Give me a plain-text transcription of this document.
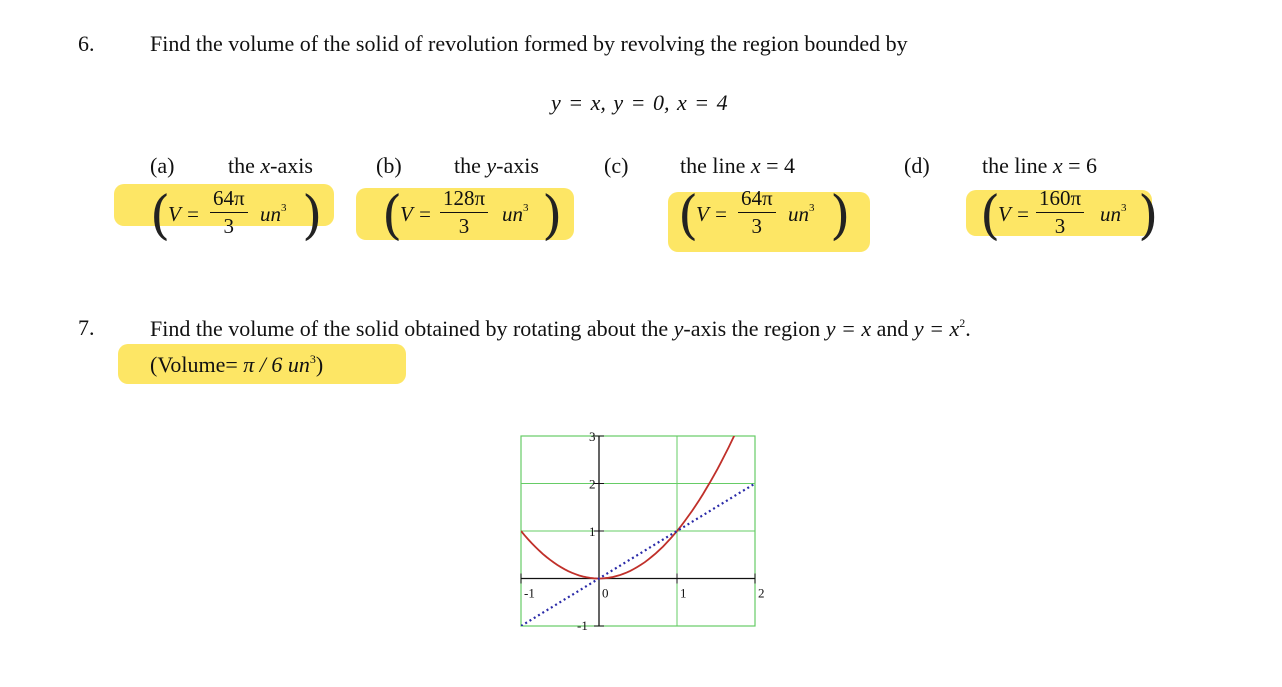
6.	Find the volume of the solid of revolution formed by revolving the region bounded by
y = x, y = 0, x = 4
(a) the x-axis	(b) the y-axis	(c) the line x = 4	(d) the line x = 6
(
$V = \frac{64\pi}{3} un^3$ ) (
$V = \frac{128\pi}{3} un^3$ ) (
$V = \frac{64\pi}{3} un^3$ ) (
$V = \frac{160\pi}{3} un^3$ )
7.	Find the volume of the solid obtained by rotating about the y-axis the region y = x and $y = x^2$.
(Volume= π / 6 $un^3$)
-1	0	1	2
3
2
1
-1
